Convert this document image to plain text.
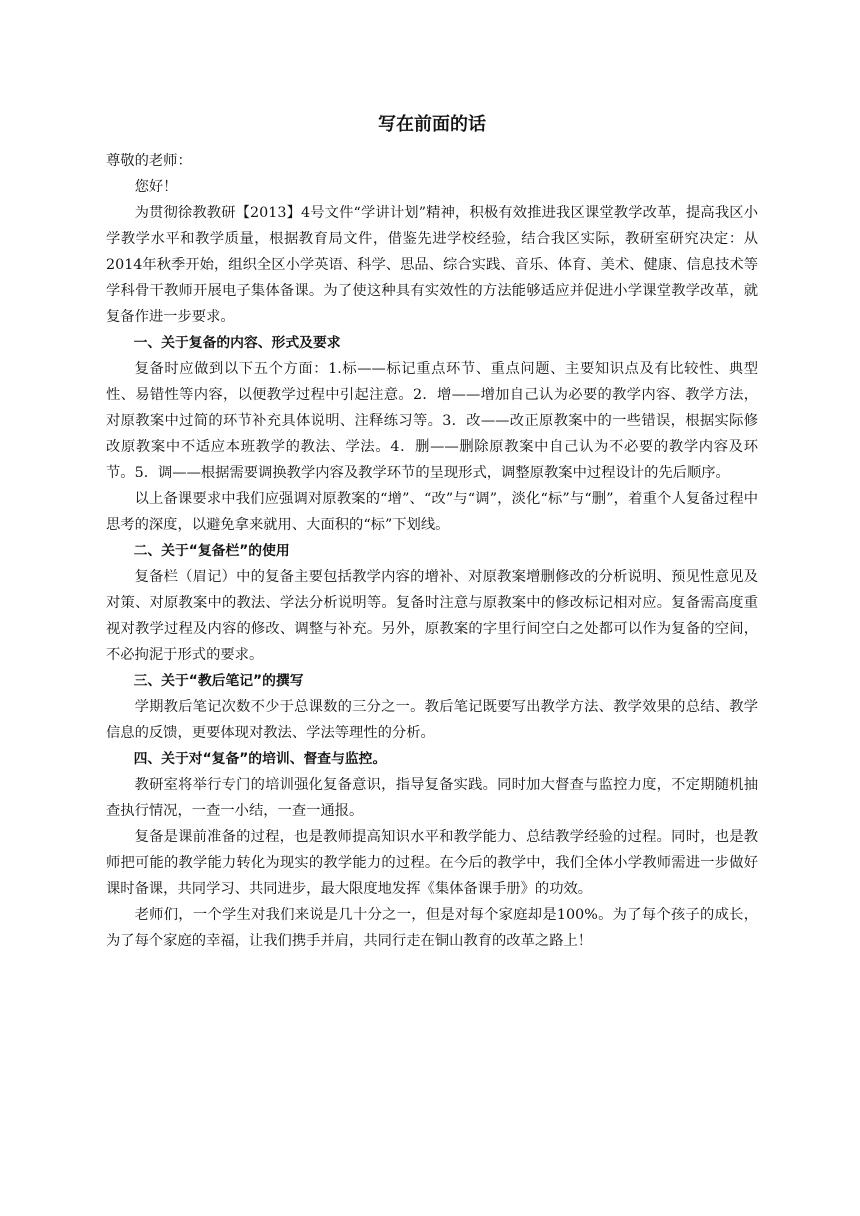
写在前面的话

尊敬的老师：

您好！

为贯彻徐教教研【2013】4号文件“学讲计划”精神，积极有效推进我区课堂教学改革，提高我区小学教学水平和教学质量，根据教育局文件，借鉴先进学校经验，结合我区实际，教研室研究决定：从2014年秋季开始，组织全区小学英语、科学、思品、综合实践、音乐、体育、美术、健康、信息技术等学科骨干教师开展电子集体备课。为了使这种具有实效性的方法能够适应并促进小学课堂教学改革，就复备作进一步要求。

一、关于复备的内容、形式及要求

复备时应做到以下五个方面：1.标——标记重点环节、重点问题、主要知识点及有比较性、典型性、易错性等内容，以便教学过程中引起注意。2．增——增加自己认为必要的教学内容、教学方法，对原教案中过简的环节补充具体说明、注释练习等。3．改——改正原教案中的一些错误，根据实际修改原教案中不适应本班教学的教法、学法。4．删——删除原教案中自己认为不必要的教学内容及环节。5．调——根据需要调换教学内容及教学环节的呈现形式，调整原教案中过程设计的先后顺序。

以上备课要求中我们应强调对原教案的“增”、“改”与“调”，淡化“标”与“删”，着重个人复备过程中思考的深度，以避免拿来就用、大面积的“标”下划线。

二、关于“复备栏”的使用

复备栏（眉记）中的复备主要包括教学内容的增补、对原教案增删修改的分析说明、预见性意见及对策、对原教案中的教法、学法分析说明等。复备时注意与原教案中的修改标记相对应。复备需高度重视对教学过程及内容的修改、调整与补充。另外，原教案的字里行间空白之处都可以作为复备的空间，不必拘泥于形式的要求。

三、关于“教后笔记”的撰写

学期教后笔记次数不少于总课数的三分之一。教后笔记既要写出教学方法、教学效果的总结、教学信息的反馈，更要体现对教法、学法等理性的分析。

四、关于对“复备”的培训、督查与监控。

教研室将举行专门的培训强化复备意识，指导复备实践。同时加大督查与监控力度，不定期随机抽查执行情况，一查一小结，一查一通报。

复备是课前准备的过程，也是教师提高知识水平和教学能力、总结教学经验的过程。同时，也是教师把可能的教学能力转化为现实的教学能力的过程。在今后的教学中，我们全体小学教师需进一步做好课时备课，共同学习、共同进步，最大限度地发挥《集体备课手册》的功效。

老师们，一个学生对我们来说是几十分之一，但是对每个家庭却是100%。为了每个孩子的成长，为了每个家庭的幸福，让我们携手并肩，共同行走在铜山教育的改革之路上！
